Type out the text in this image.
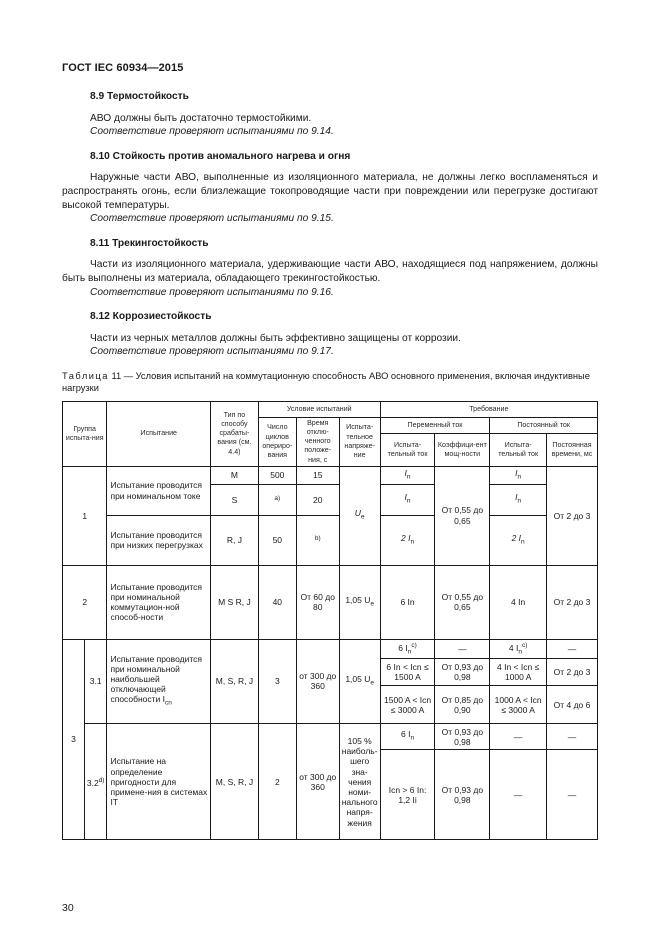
ГОСТ IEC 60934—2015
8.9 Термостойкость

АВО должны быть достаточно термостойкими.

Соответствие проверяют испытаниями по 9.14.

8.10 Стойкость против аномального нагрева и огня

Наружные части АВО, выполненные из изоляционного материала, не должны легко воспламеняться и распространять огонь, если близлежащие токопроводящие части при повреждении или перегрузке достигают высокой температуры.

Соответствие проверяют испытаниями по 9.15.

8.11 Трекингостойкость

Части из изоляционного материала, удерживающие части АВО, находящиеся под напряжением, должны быть выполнены из материала, обладающего трекингостойкостью.

Соответствие проверяют испытаниями по 9.16.

8.12 Коррозиестойкость

Части из черных металлов должны быть эффективно защищены от коррозии.

Соответствие проверяют испытаниями по 9.17.

Таблица 11 — Условия испытаний на коммутационную способность АВО основного применения, включая индуктивные нагрузки
Группа испыта-ния		Испытание	Тип по способу срабаты-вания (см. 4.4)	Условие испытаний			Требование			
				Число циклов опериро-вания	Время отклю-ченного положе-ния, с	Испыта-тельное напряже-ние	Переменный ток		Постоянный ток	
							Испыта-тельный ток	Коэффици-ент мощ-ности	Испыта-тельный ток	Постоянная времени, мс
1		Испытание проводится при номинальном токе	M	500	15	$U_e$	$I_n$	От 0,55 до 0,65	$I_n$	От 2 до 3
			S	$^{a)}$	20		$I_n$		$I_n$
		Испытание проводится при низких перегрузках	R, J	50	$^{b)}$		2 $I_n$		2 $I_n$
2		Испытание проводится при номинальной коммутацион-ной способ-ности	M S R, J	40	От 60 до 80	1,05 $U_e$	6 In	От 0,55 до 0,65	4 In	От 2 до 3
3	3.1	Испытание проводится при номинальной наибольшей отключающей способности $I_{cn}$	M, S, R, J	3	от 300 до 360	1,05 $U_e$	6 $I_n^{c)}$	—	4 $I_n^{c)}$	—
							6 In < Icn ≤ 1500 A	От 0,93 до 0,98	4 In < Icn ≤ 1000 A	От 2 до 3
							1500 A < Icn ≤ 3000 A	От 0,85 до 0,90	1000 A < Icn ≤ 3000 A	От 4 до 6
	3.2$^{d)}$	Испытание на определение пригодности для примене-ния в системах IT	M, S, R, J	2	от 300 до 360	105 % наиболь-шего зна-чения номи-нального напря-жения	6 $I_n$	От 0,93 до 0,98	—	—
							Icn > 6 In: 1,2 Ii	От 0,93 до 0,98	—	—
30
